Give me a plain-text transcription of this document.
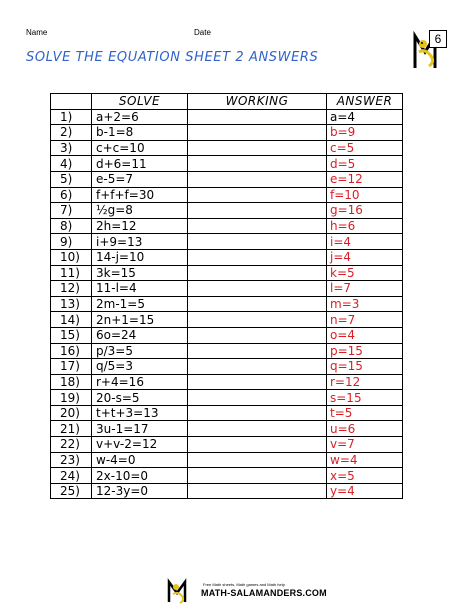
Name	Date
SOLVE THE EQUATION SHEET 2 ANSWERS
6
	SOLVE	WORKING	ANSWER
1)	a+2=6		a=4
2)	b-1=8		b=9
3)	c+c=10		c=5
4)	d+6=11		d=5
5)	e-5=7		e=12
6)	f+f+f=30		f=10
7)	½g=8		g=16
8)	2h=12		h=6
9)	i+9=13		i=4
10)	14-j=10		j=4
11)	3k=15		k=5
12)	11-l=4		l=7
13)	2m-1=5		m=3
14)	2n+1=15		n=7
15)	6o=24		o=4
16)	p/3=5		p=15
17)	q/5=3		q=15
18)	r+4=16		r=12
19)	20-s=5		s=15
20)	t+t+3=13		t=5
21)	3u-1=17		u=6
22)	v+v-2=12		v=7
23)	w-4=0		w=4
24)	2x-10=0		x=5
25)	12-3y=0		y=4
Free Math sheets, Math games and Math help
MATH-SALAMANDERS.COM
